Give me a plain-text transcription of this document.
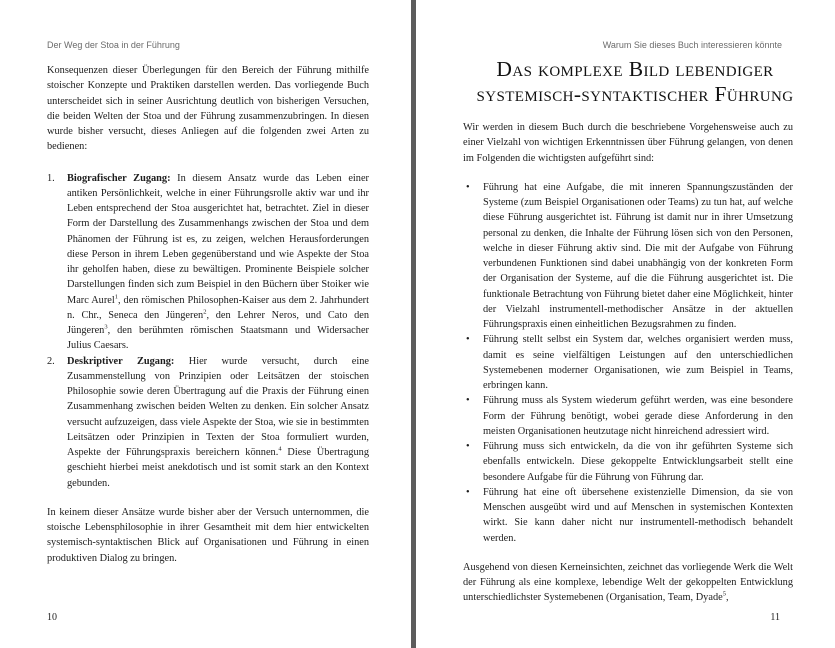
Der Weg der Stoa in der Führung

Konsequenzen dieser Überlegungen für den Bereich der Führung mithilfe stoischer Konzepte und Praktiken darstellen werden. Das vorliegende Buch unterscheidet sich in seiner Ausrichtung deutlich von bisherigen Versuchen, die beiden Welten der Stoa und der Führung zusammenzubringen. In diesen wurde bisher versucht, dieses Anliegen auf die folgenden zwei Arten zu bedienen:

1. Biografischer Zugang: In diesem Ansatz wurde das Leben einer antiken Persönlichkeit, welche in einer Führungsrolle aktiv war und ihr Leben entsprechend der Stoa ausgerichtet hat, betrachtet. Ziel in dieser Form der Darstellung des Zusammenhangs zwischen der Stoa und dem Phänomen der Führung ist es, zu zeigen, welchen Herausforderungen diese Person in ihrem Leben gegenüberstand und wie Aspekte der Stoa ihr geholfen haben, diese zu bewältigen. Prominente Beispiele solcher Darstellungen finden sich zum Beispiel in den Büchern über Stoiker wie Marc Aurel$^1$, den römischen Philosophen-Kaiser aus dem 2. Jahrhundert n. Chr., Seneca den Jüngeren$^2$, den Lehrer Neros, und Cato den Jüngeren$^3$, den berühmten römischen Staatsmann und Widersacher Julius Caesars.
2. Deskriptiver Zugang: Hier wurde versucht, durch eine Zusammenstellung von Prinzipien oder Leitsätzen der stoischen Philosophie sowie deren Übertragung auf die Praxis der Führung einen Zusammenhang zwischen beiden Welten zu denken. Ein solcher Ansatz versucht aufzuzeigen, dass viele Aspekte der Stoa, wie sie in bestimmten Leitsätzen oder Prinzipien in Texten der Stoa formuliert wurden, Aspekte der Führungspraxis bereichern können.$^4$ Diese Übertragung geschieht hierbei meist anekdotisch und ist somit stark an den Kontext gebunden.

In keinem dieser Ansätze wurde bisher aber der Versuch unternommen, die stoische Lebensphilosophie in ihrer Gesamtheit mit dem hier entwickelten systemisch-syntaktischen Blick auf Organisationen und Führung in einen produktiven Dialog zu bringen.

10
Warum Sie dieses Buch interessieren könnte
Das komplexe Bild lebendiger
systemisch-syntaktischer Führung

Wir werden in diesem Buch durch die beschriebene Vorgehensweise auch zu einer Vielzahl von wichtigen Erkenntnissen über Führung gelangen, von denen im Folgenden die wichtigsten aufgeführt sind:

• Führung hat eine Aufgabe, die mit inneren Spannungszuständen der Systeme (zum Beispiel Organisationen oder Teams) zu tun hat, auf welche diese Führung ausgerichtet ist. Führung ist damit nur in ihrer Umsetzung personal zu denken, die Inhalte der Führung lösen sich von den Personen, welche in dieser Führung aktiv sind. Die mit der Aufgabe von Führung verbundenen Funktionen sind dabei unabhängig von der konkreten Form der Organisation der Systeme, auf die die Führung ausgerichtet ist. Die funktionale Betrachtung von Führung bietet daher eine Möglichkeit, hinter der Vielzahl instrumentell-methodischer Ansätze in der aktuellen Führungspraxis einen einheitlichen Bezugsrahmen zu finden.
• Führung stellt selbst ein System dar, welches organisiert werden muss, damit es seine vielfältigen Leistungen auf den unterschiedlichen Systemebenen moderner Organisationen, wie zum Beispiel in Teams, erbringen kann.
• Führung muss als System wiederum geführt werden, was eine besondere Form der Führung benötigt, wobei gerade diese Anforderung in den meisten Organisationen heutzutage nicht hinreichend adressiert wird.
• Führung muss sich entwickeln, da die von ihr geführten Systeme sich ebenfalls entwickeln. Diese gekoppelte Entwicklungsarbeit stellt eine besondere Aufgabe für die Führung von Führung dar.
• Führung hat eine oft übersehene existenzielle Dimension, da sie von Menschen ausgeübt wird und auf Menschen in systemischen Kontexten wirkt. Sie kann daher nicht nur instrumentell-methodisch behandelt werden.

Ausgehend von diesen Kerneinsichten, zeichnet das vorliegende Werk die Welt der Führung als eine komplexe, lebendige Welt der gekoppelten Entwicklung unterschiedlichster Systemebenen (Organisation, Team, Dyade$^5$,

11
